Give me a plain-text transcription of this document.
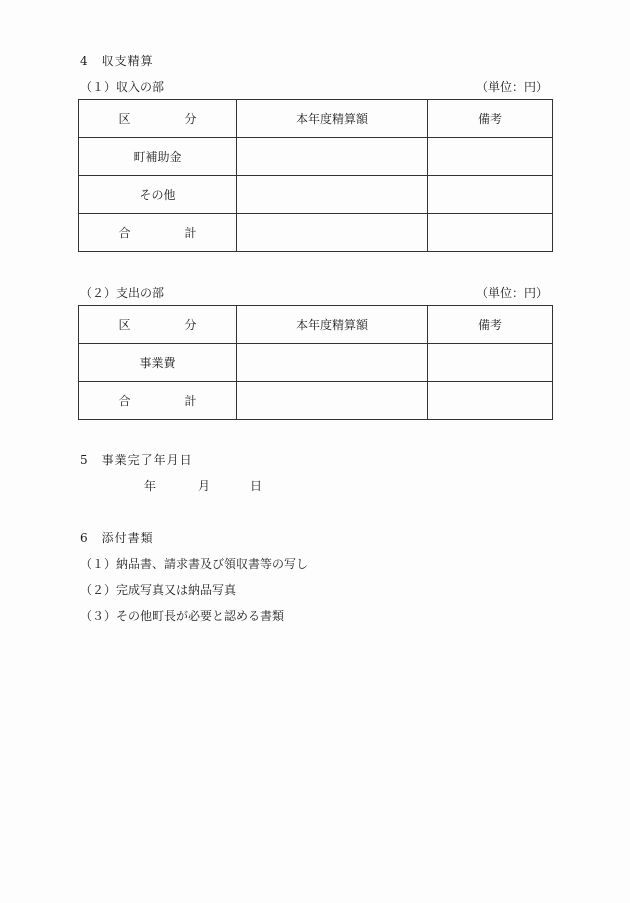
4　収支精算
（１）収入の部	（単位：円）
区 分	本年度精算額	備考
町補助金		
その他		

合 計		

（２）支出の部	（単位：円）
区 分	本年度精算額	備考
事業費		

合 計		

5　事業完了年月日
年	月	日
6　添付書類
（１）納品書、請求書及び領収書等の写し
（２）完成写真又は納品写真
（３）その他町長が必要と認める書類
